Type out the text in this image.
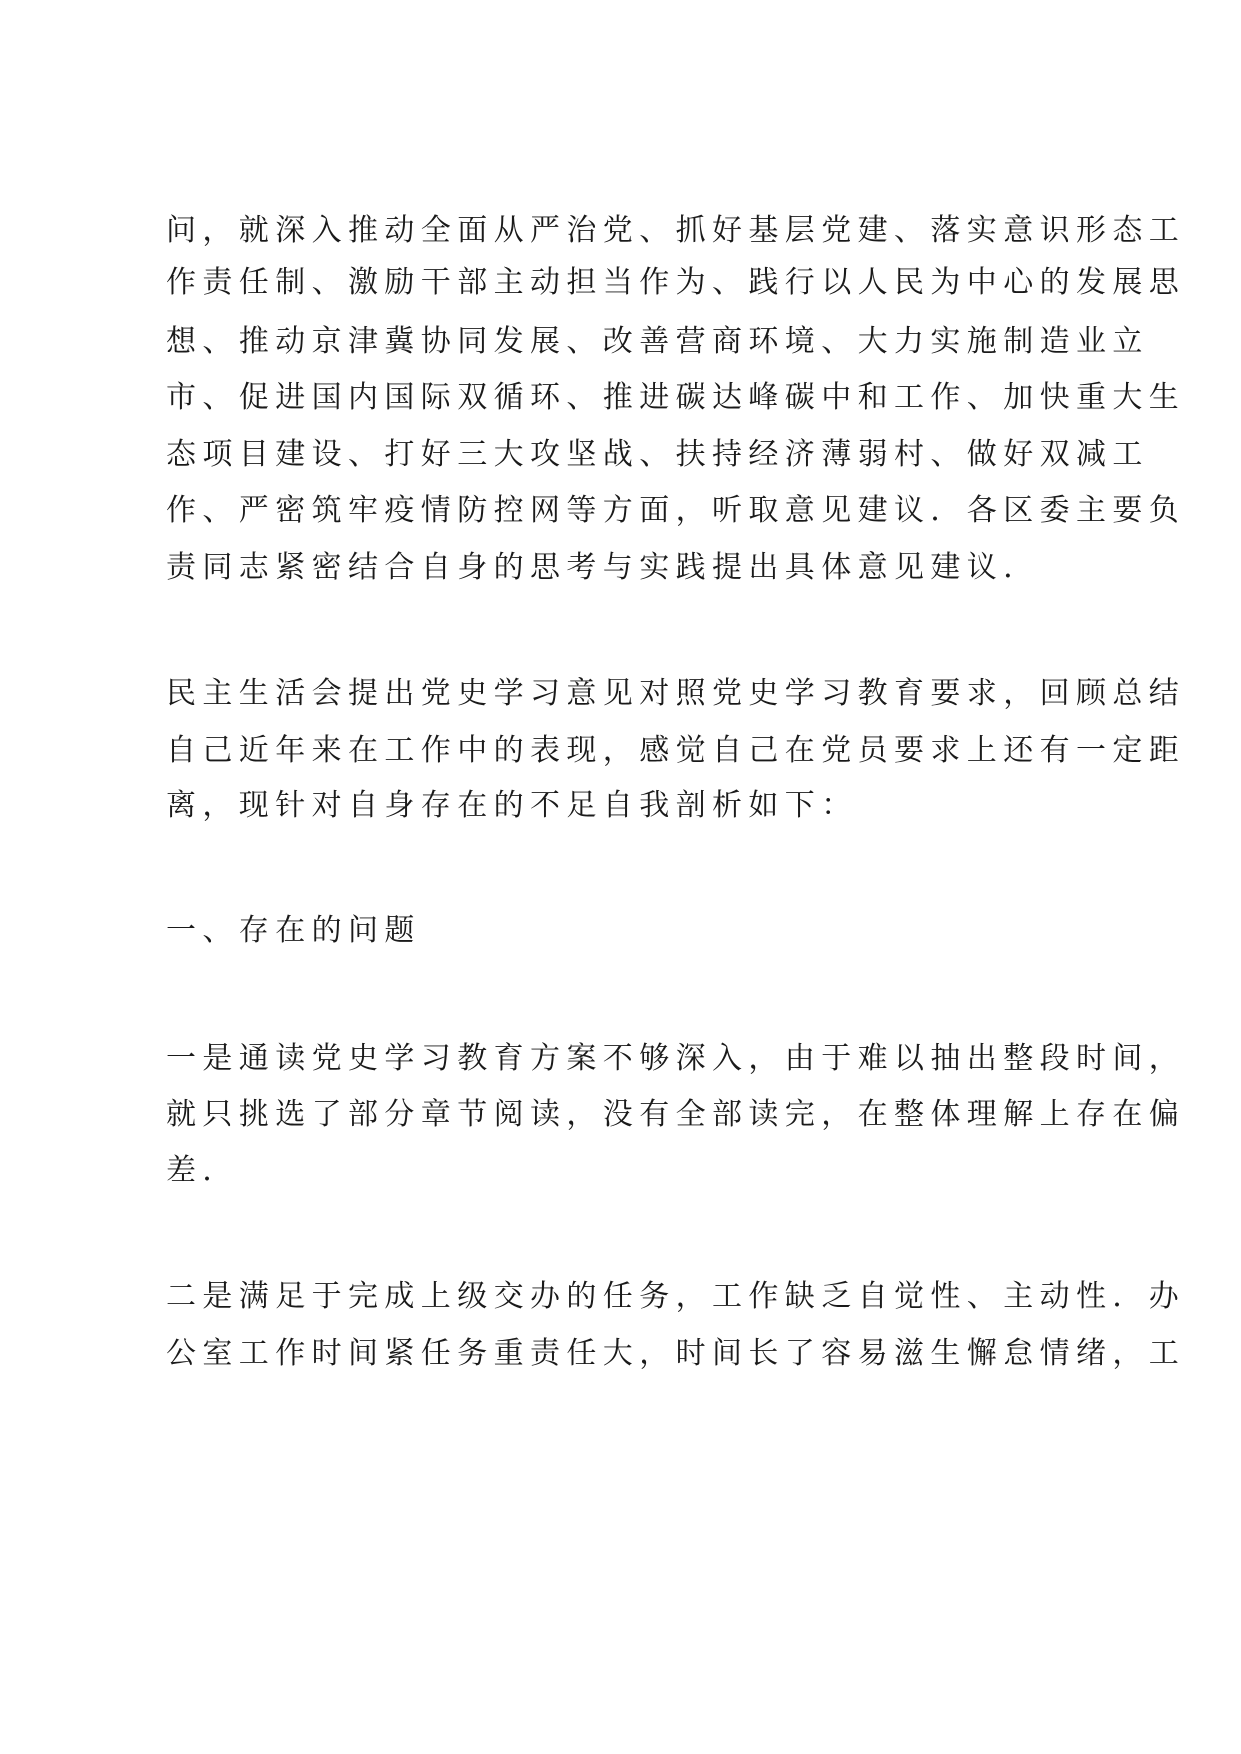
问，就深入推动全面从严治党、抓好基层党建、落实意识形态工
作责任制、激励干部主动担当作为、践行以人民为中心的发展思
想、推动京津冀协同发展、改善营商环境、大力实施制造业立
市、促进国内国际双循环、推进碳达峰碳中和工作、加快重大生
态项目建设、打好三大攻坚战、扶持经济薄弱村、做好双减工
作、严密筑牢疫情防控网等方面，听取意见建议．各区委主要负
责同志紧密结合自身的思考与实践提出具体意见建议．
民主生活会提出党史学习意见对照党史学习教育要求，回顾总结
自己近年来在工作中的表现，感觉自己在党员要求上还有一定距
离，现针对自身存在的不足自我剖析如下：
一、存在的问题
一是通读党史学习教育方案不够深入，由于难以抽出整段时间，
就只挑选了部分章节阅读，没有全部读完，在整体理解上存在偏
差．
二是满足于完成上级交办的任务，工作缺乏自觉性、主动性．办
公室工作时间紧任务重责任大，时间长了容易滋生懈怠情绪，工
